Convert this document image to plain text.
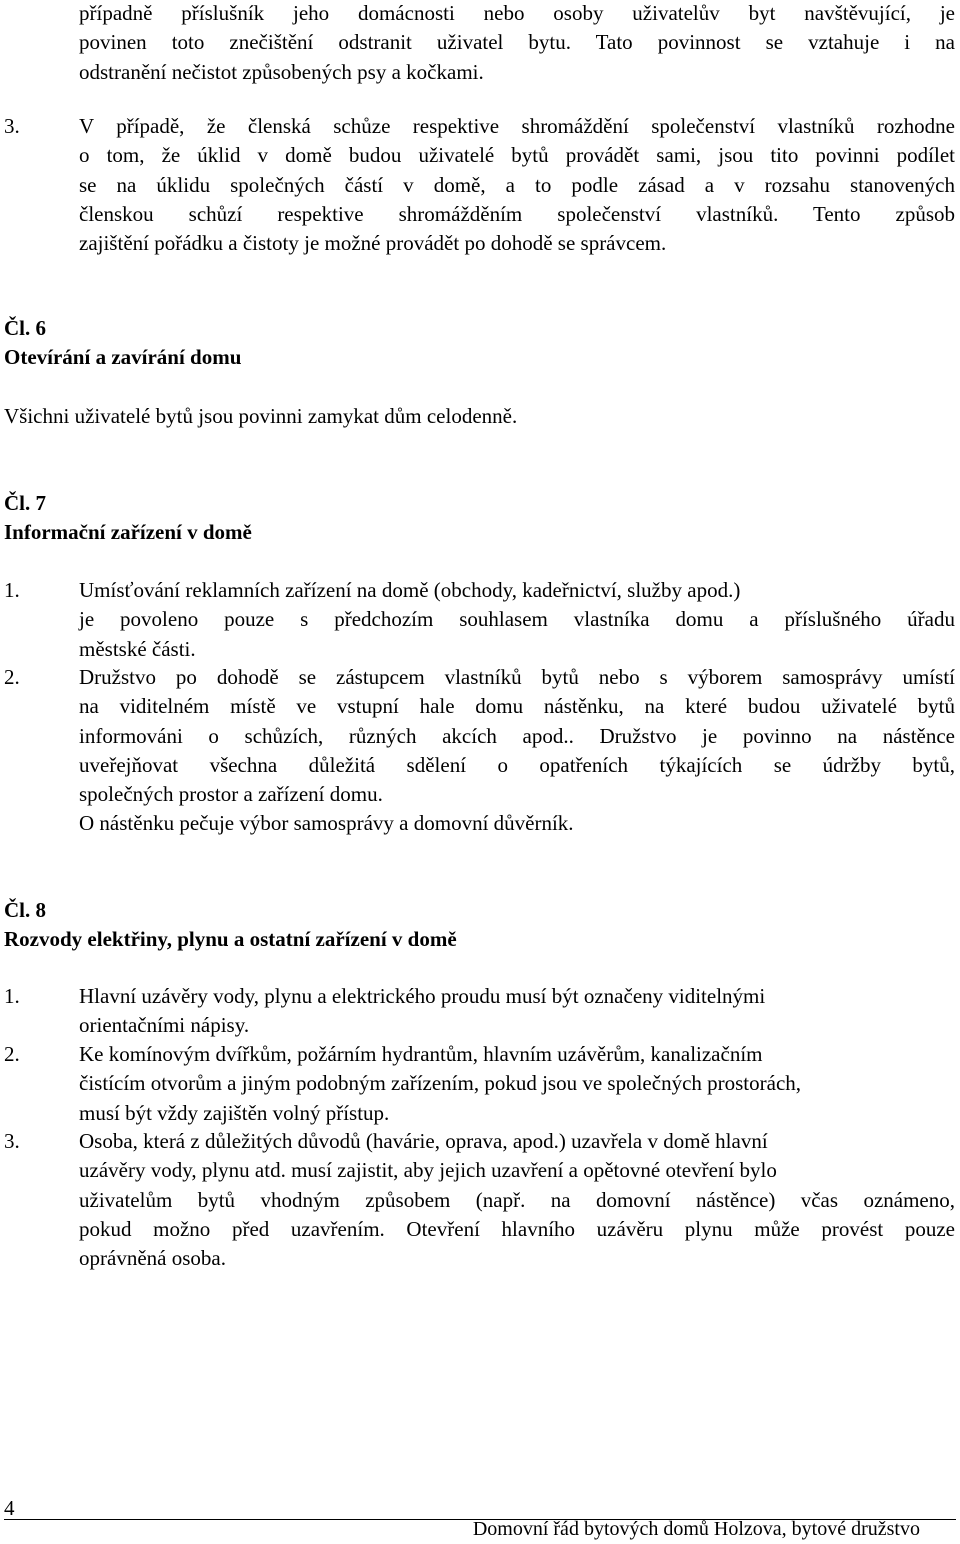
případně příslušník jeho domácnosti nebo osoby uživatelův byt navštěvující, je
povinen toto znečištění odstranit uživatel bytu. Tato povinnost se vztahuje i na
odstranění nečistot způsobených psy a kočkami.
3.	V případě, že členská schůze respektive shromáždění společenství vlastníků rozhodne
o tom, že úklid v domě budou uživatelé bytů provádět sami, jsou tito povinni podílet
se na úklidu společných částí v domě, a to podle zásad a v rozsahu stanovených
členskou schůzí respektive shromážděním společenství vlastníků. Tento způsob
zajištění pořádku a čistoty je možné provádět po dohodě se správcem.
Čl. 6
Otevírání a zavírání domu
Všichni uživatelé bytů jsou povinni zamykat dům celodenně.
Čl. 7
Informační zařízení v domě
1.	Umísťování reklamních zařízení na domě (obchody, kadeřnictví, služby apod.)
je povoleno pouze s předchozím souhlasem vlastníka domu a příslušného úřadu
městské části.
2.	Družstvo po dohodě se zástupcem vlastníků bytů nebo s výborem samosprávy umístí
na viditelném místě ve vstupní hale domu nástěnku, na které budou uživatelé bytů
informováni o schůzích, různých akcích apod.. Družstvo je povinno na nástěnce
uveřejňovat všechna důležitá sdělení o opatřeních týkajících se údržby bytů,
společných prostor a zařízení domu.
O nástěnku pečuje výbor samosprávy a domovní důvěrník.
Čl. 8
Rozvody elektřiny, plynu a ostatní zařízení v domě
1.	Hlavní uzávěry vody, plynu a elektrického proudu musí být označeny viditelnými
orientačními nápisy.
2.	Ke komínovým dvířkům, požárním hydrantům, hlavním uzávěrům, kanalizačním
čistícím otvorům a jiným podobným zařízením, pokud jsou ve společných prostorách,
musí být vždy zajištěn volný přístup.
3.	Osoba, která z důležitých důvodů (havárie, oprava, apod.) uzavřela v domě hlavní
uzávěry vody, plynu atd. musí zajistit, aby jejich uzavření a opětovné otevření bylo
uživatelům bytů vhodným způsobem (např. na domovní nástěnce) včas oznámeno,
pokud možno před uzavřením. Otevření hlavního uzávěru plynu může provést pouze
oprávněná osoba.
4
Domovní řád bytových domů Holzova, bytové družstvo
